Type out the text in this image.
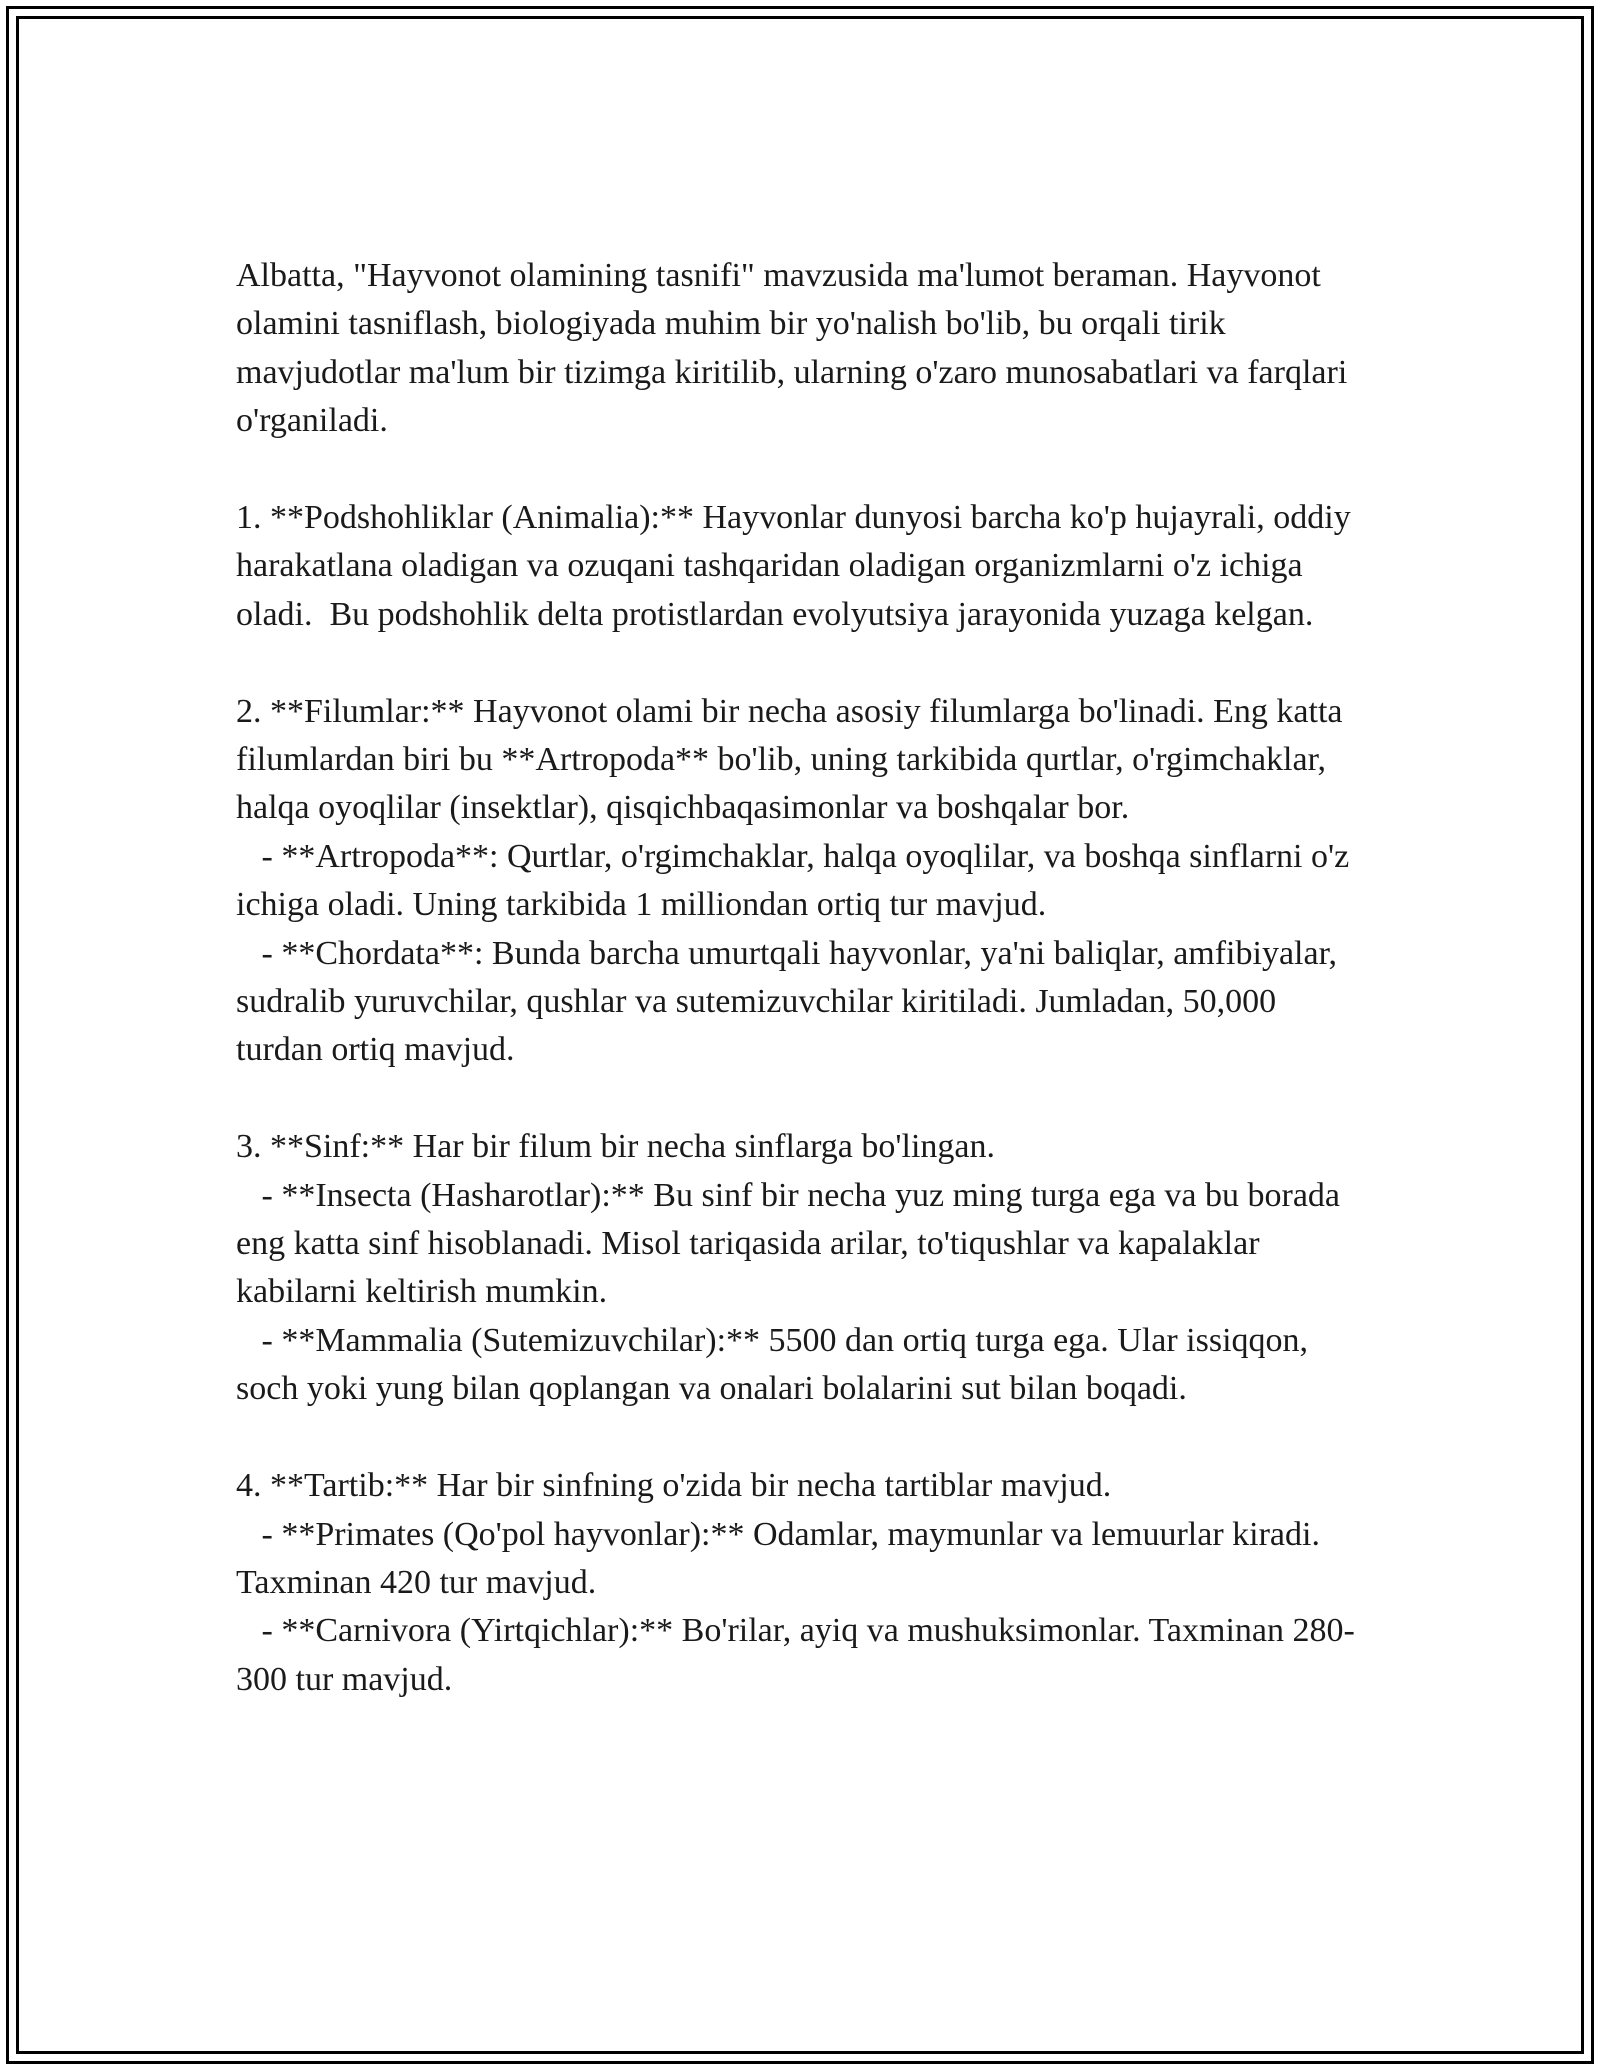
Albatta, "Hayvonot olamining tasnifi" mavzusida ma'lumot beraman. Hayvonot olamini tasniflash, biologiyada muhim bir yo'nalish bo'lib, bu orqali tirik mavjudotlar ma'lum bir tizimga kiritilib, ularning o'zaro munosabatlari va farqlari o'rganiladi.

1. **Podshohliklar (Animalia):** Hayvonlar dunyosi barcha ko'p hujayrali, oddiy harakatlana oladigan va ozuqani tashqaridan oladigan organizmlarni o'z ichiga oladi.  Bu podshohlik delta protistlardan evolyutsiya jarayonida yuzaga kelgan.

2. **Filumlar:** Hayvonot olami bir necha asosiy filumlarga bo'linadi. Eng katta filumlardan biri bu **Artropoda** bo'lib, uning tarkibida qurtlar, o'rgimchaklar, halqa oyoqlilar (insektlar), qisqichbaqasimonlar va boshqalar bor.
- **Artropoda**: Qurtlar, o'rgimchaklar, halqa oyoqlilar, va boshqa sinflarni o'z ichiga oladi. Uning tarkibida 1 milliondan ortiq tur mavjud.
- **Chordata**: Bunda barcha umurtqali hayvonlar, ya'ni baliqlar, amfibiyalar, sudralib yuruvchilar, qushlar va sutemizuvchilar kiritiladi. Jumladan, 50,000 turdan ortiq mavjud.

3. **Sinf:** Har bir filum bir necha sinflarga bo'lingan.
- **Insecta (Hasharotlar):** Bu sinf bir necha yuz ming turga ega va bu borada eng katta sinf hisoblanadi. Misol tariqasida arilar, to'tiqushlar va kapalaklar kabilarni keltirish mumkin.
- **Mammalia (Sutemizuvchilar):** 5500 dan ortiq turga ega. Ular issiqqon, soch yoki yung bilan qoplangan va onalari bolalarini sut bilan boqadi.

4. **Tartib:** Har bir sinfning o'zida bir necha tartiblar mavjud.
- **Primates (Qo'pol hayvonlar):** Odamlar, maymunlar va lemuurlar kiradi. Taxminan 420 tur mavjud.
- **Carnivora (Yirtqichlar):** Bo'rilar, ayiq va mushuksimonlar. Taxminan 280-300 tur mavjud.
